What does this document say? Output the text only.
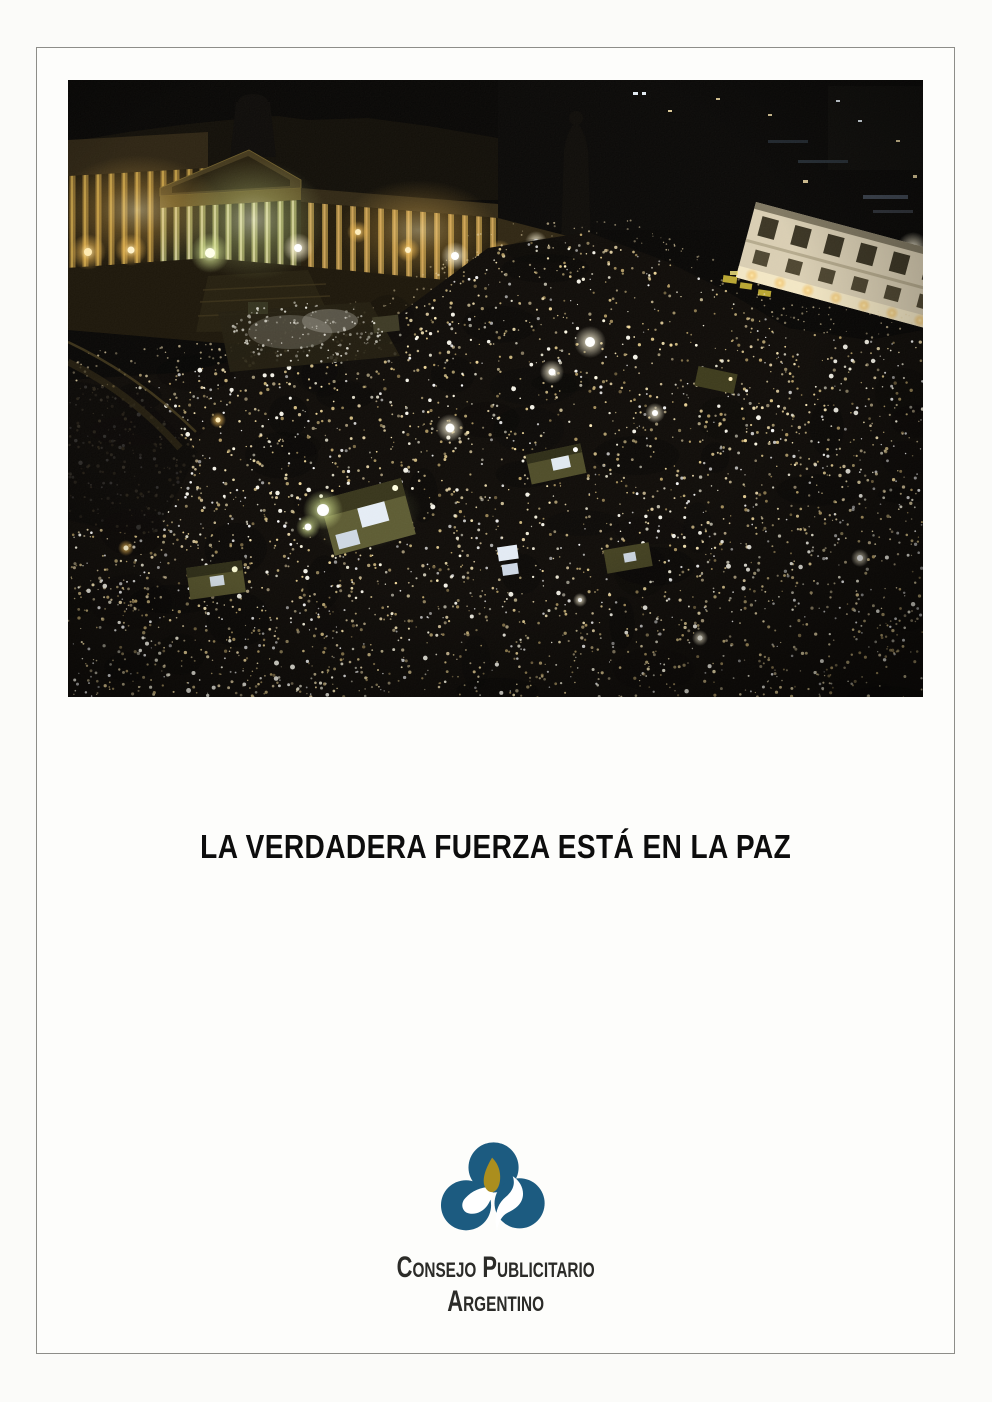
LA VERDADERA FUERZA ESTÁ EN LA PAZ
Consejo Publicitario
Argentino
